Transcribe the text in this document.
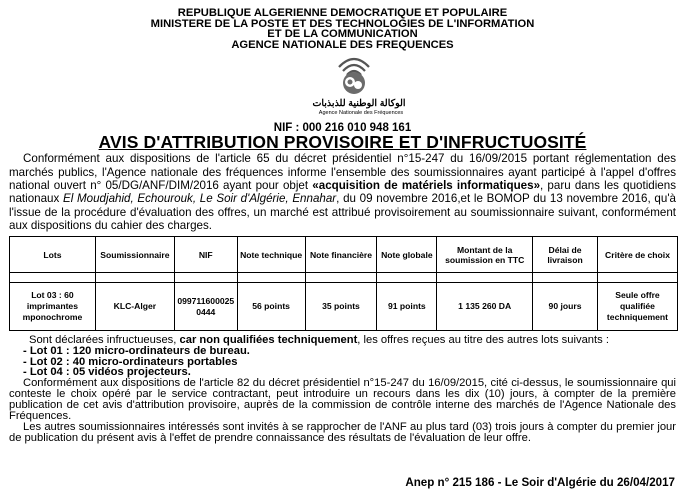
REPUBLIQUE ALGERIENNE DEMOCRATIQUE ET POPULAIRE
MINISTERE DE LA POSTE ET DES TECHNOLOGIES DE L'INFORMATION
ET DE LA COMMUNICATION
AGENCE NATIONALE DES FREQUENCES
الوكالة الوطنية للذبذبات
Agence Nationale des Fréquences
NIF : 000 216 010 948 161
AVIS D'ATTRIBUTION PROVISOIRE ET D'INFRUCTUOSITÉ

Conformément aux dispositions de l'article 65 du décret présidentiel n°15-247 du 16/09/2015 portant réglementation des marchés publics, l'Agence nationale des fréquences informe l'ensemble des soumissionnaires ayant participé à l'appel d'offres national ouvert n° 05/DG/ANF/DIM/2016 ayant pour objet «acquisition de matériels informatiques», paru dans les quotidiens nationaux El Moudjahid, Echourouk, Le Soir d'Algérie, Ennahar, du 09 novembre 2016,et le BOMOP du 13 novembre 2016, qu'à l'issue de la procédure d'évaluation des offres, un marché est attribué provisoirement au soumissionnaire suivant, conformément aux dispositions du cahier des charges.

Lots	Soumissionnaire	NIF	Note technique	Note financière	Note globale	Montant de la soumission en TTC	Délai de livraison	Critère de choix

Lot 03 : 60 imprimantes mponochrome	KLC-Alger	0997116000250444	56 points	35 points	91 points	1 135 260 DA	90 jours	Seule offre qualifiée techniquement
Sont déclarées infructueuses, car non qualifiées techniquement, les offres reçues au titre des autres lots suivants :
- Lot 01 : 120 micro-ordinateurs de bureau.
- Lot 02 : 40 micro-ordinateurs portables
- Lot 04 : 05 vidéos projecteurs.

Conformément aux dispositions de l'article 82 du décret présidentiel n°15-247 du 16/09/2015, cité ci-dessus, le soumissionnaire qui conteste le choix opéré par le service contractant, peut introduire un recours dans les dix (10) jours, à compter de la première publication de cet avis d'attribution provisoire, auprès de la commission de contrôle interne des marchés de l'Agence Nationale des Fréquences.

Les autres soumissionnaires intéressés sont invités à se rapprocher de l'ANF au plus tard (03) trois jours à compter du premier jour de publication du présent avis à l'effet de prendre connaissance des résultats de l'évaluation de leur offre.

Anep n° 215 186 - Le Soir d'Algérie du 26/04/2017
